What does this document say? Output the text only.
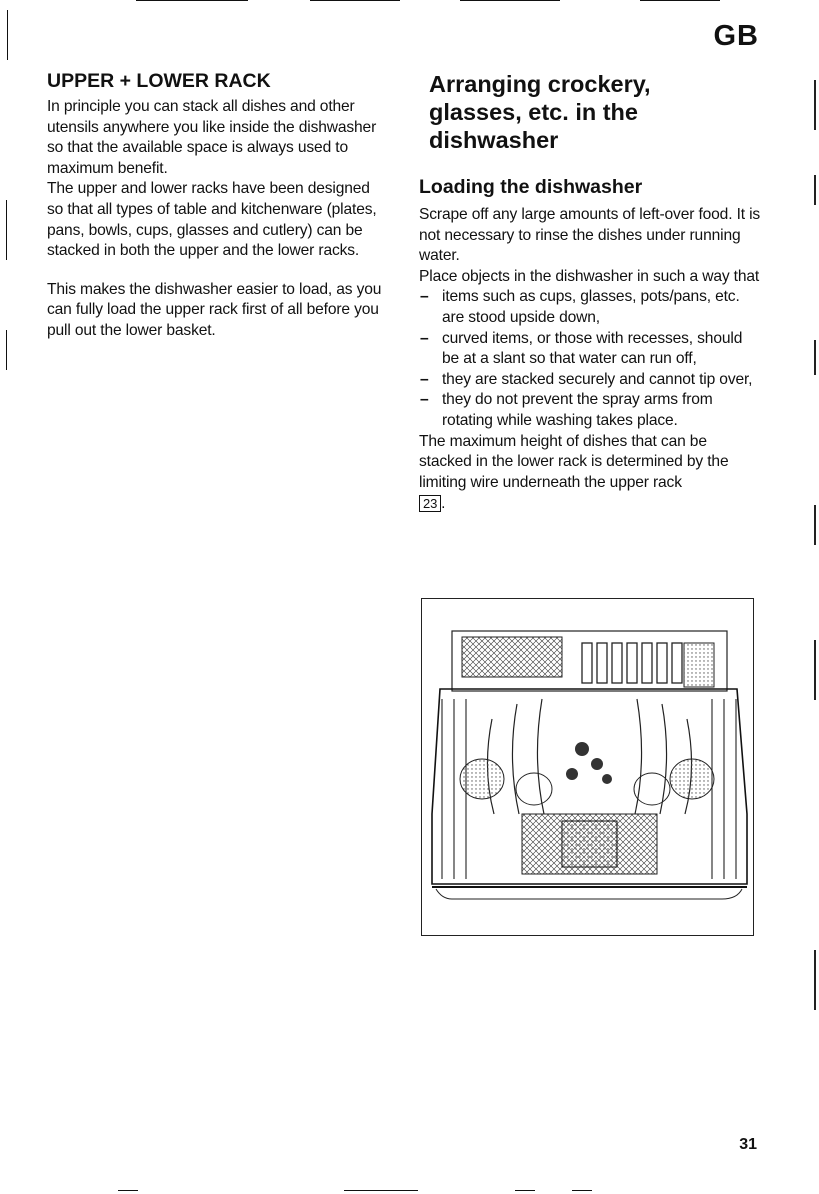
GB
UPPER + LOWER RACK

In principle you can stack all dishes and other utensils anywhere you like inside the dishwasher so that the available space is always used to maximum benefit.

The upper and lower racks have been designed so that all types of table and kitchenware (plates, pans, bowls, cups, glasses and cutlery) can be stacked in both the upper and the lower racks.

This makes the dishwasher easier to load, as you can fully load the upper rack first of all before you pull out the lower basket.

Arranging crockery, glasses, etc. in the dishwasher
Loading the dishwasher

Scrape off any large amounts of left-over food. It is not necessary to rinse the dishes under running water.

Place objects in the dishwasher in such a way that

– items such as cups, glasses, pots/pans, etc. are stood upside down,
– curved items, or those with recesses, should be at a slant so that water can run off,
– they are stacked securely and cannot tip over,
– they do not prevent the spray arms from rotating while washing takes place.

The maximum height of dishes that can be stacked in the lower rack is determined by the limiting wire underneath the upper rack
23 .

31
